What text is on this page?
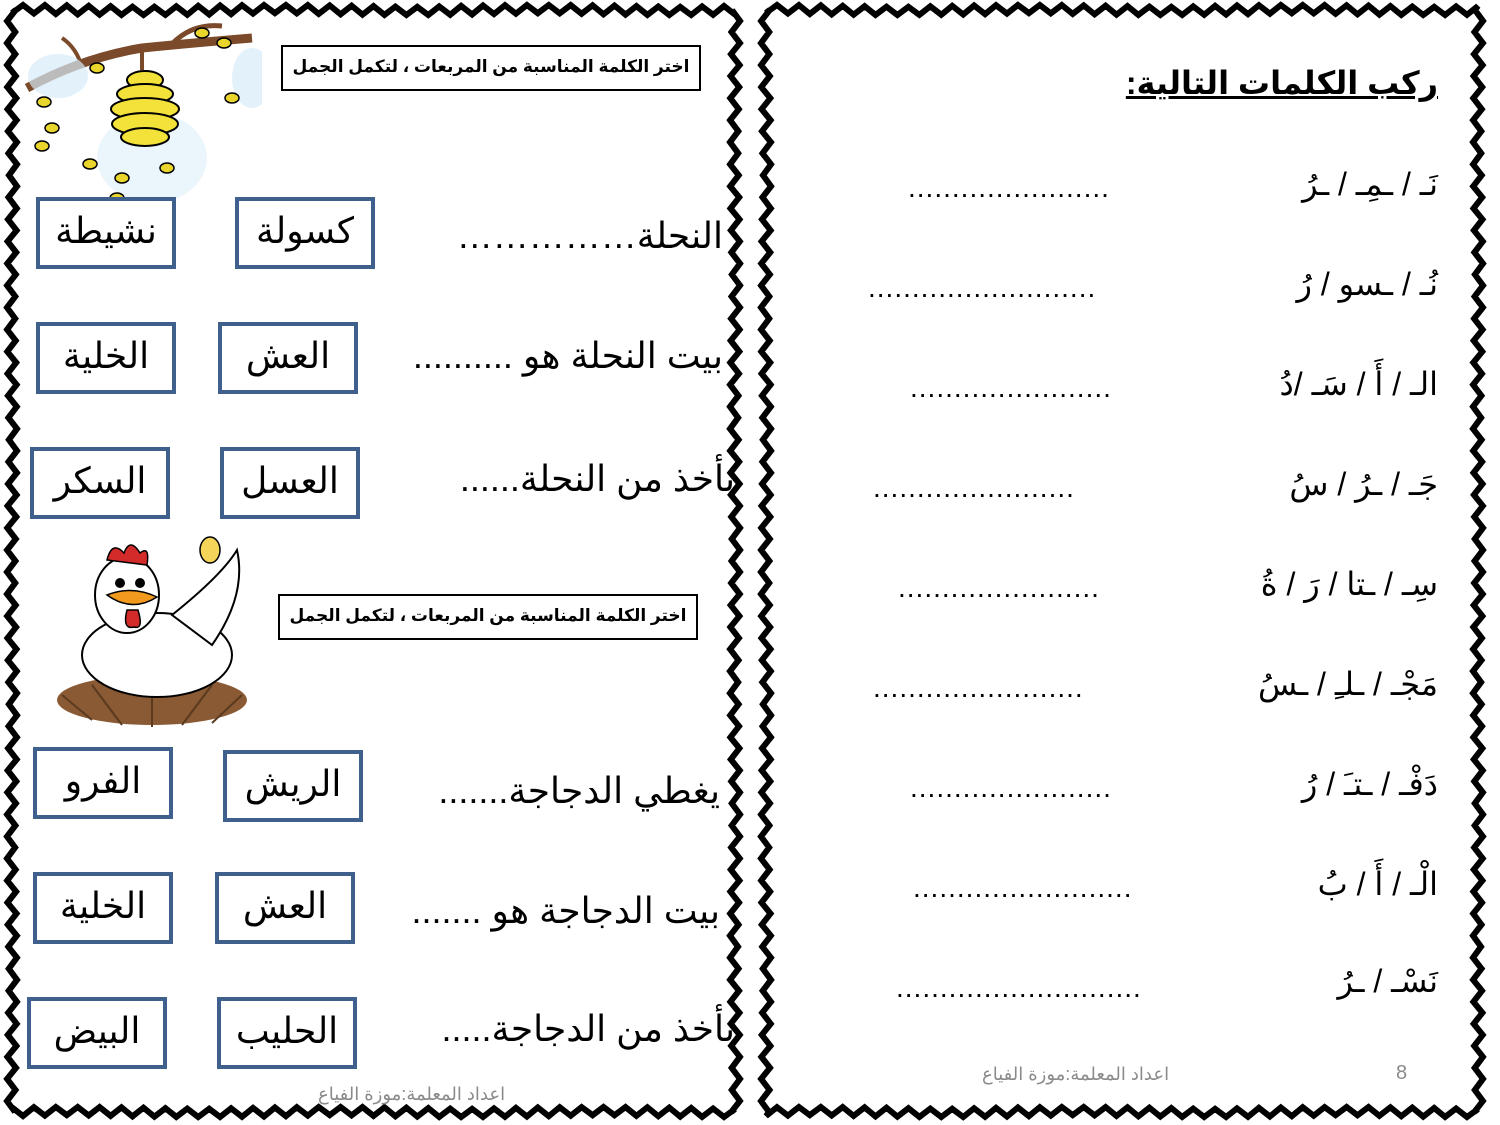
اختر الكلمة المناسبة من المربعات ، لتكمل الجمل
النحلة……………
كسولة
نشيطة
بيت النحلة هو ..........
العش
الخلية
نأخذ من النحلة......
العسل
السكر
اختر الكلمة المناسبة من المربعات ، لتكمل الجمل
يغطي الدجاجة.......
الريش
الفرو
بيت الدجاجة هو .......
العش
الخلية
نأخذ من الدجاجة.....
الحليب
البيض
اعداد المعلمة:موزة الفياع
ركب الكلمات التالية:
نَـ / ـمِـ / ـرُ
.......................
نُـ / ـسو / رُ
..........................
الـ / أَ / سَـ /دُ
.......................
جَـ / ـرُ / سُ
.......................
سِـ / ـتا / رَ / ةُ
.......................
مَجْـ / ـلـِ / ـسُ
........................
دَفْـ / ـتـَ / رُ
.......................
الْـ / أَ / بُ
.........................
نَسْـ / ـرُ
............................
اعداد المعلمة:موزة الفياع	8
